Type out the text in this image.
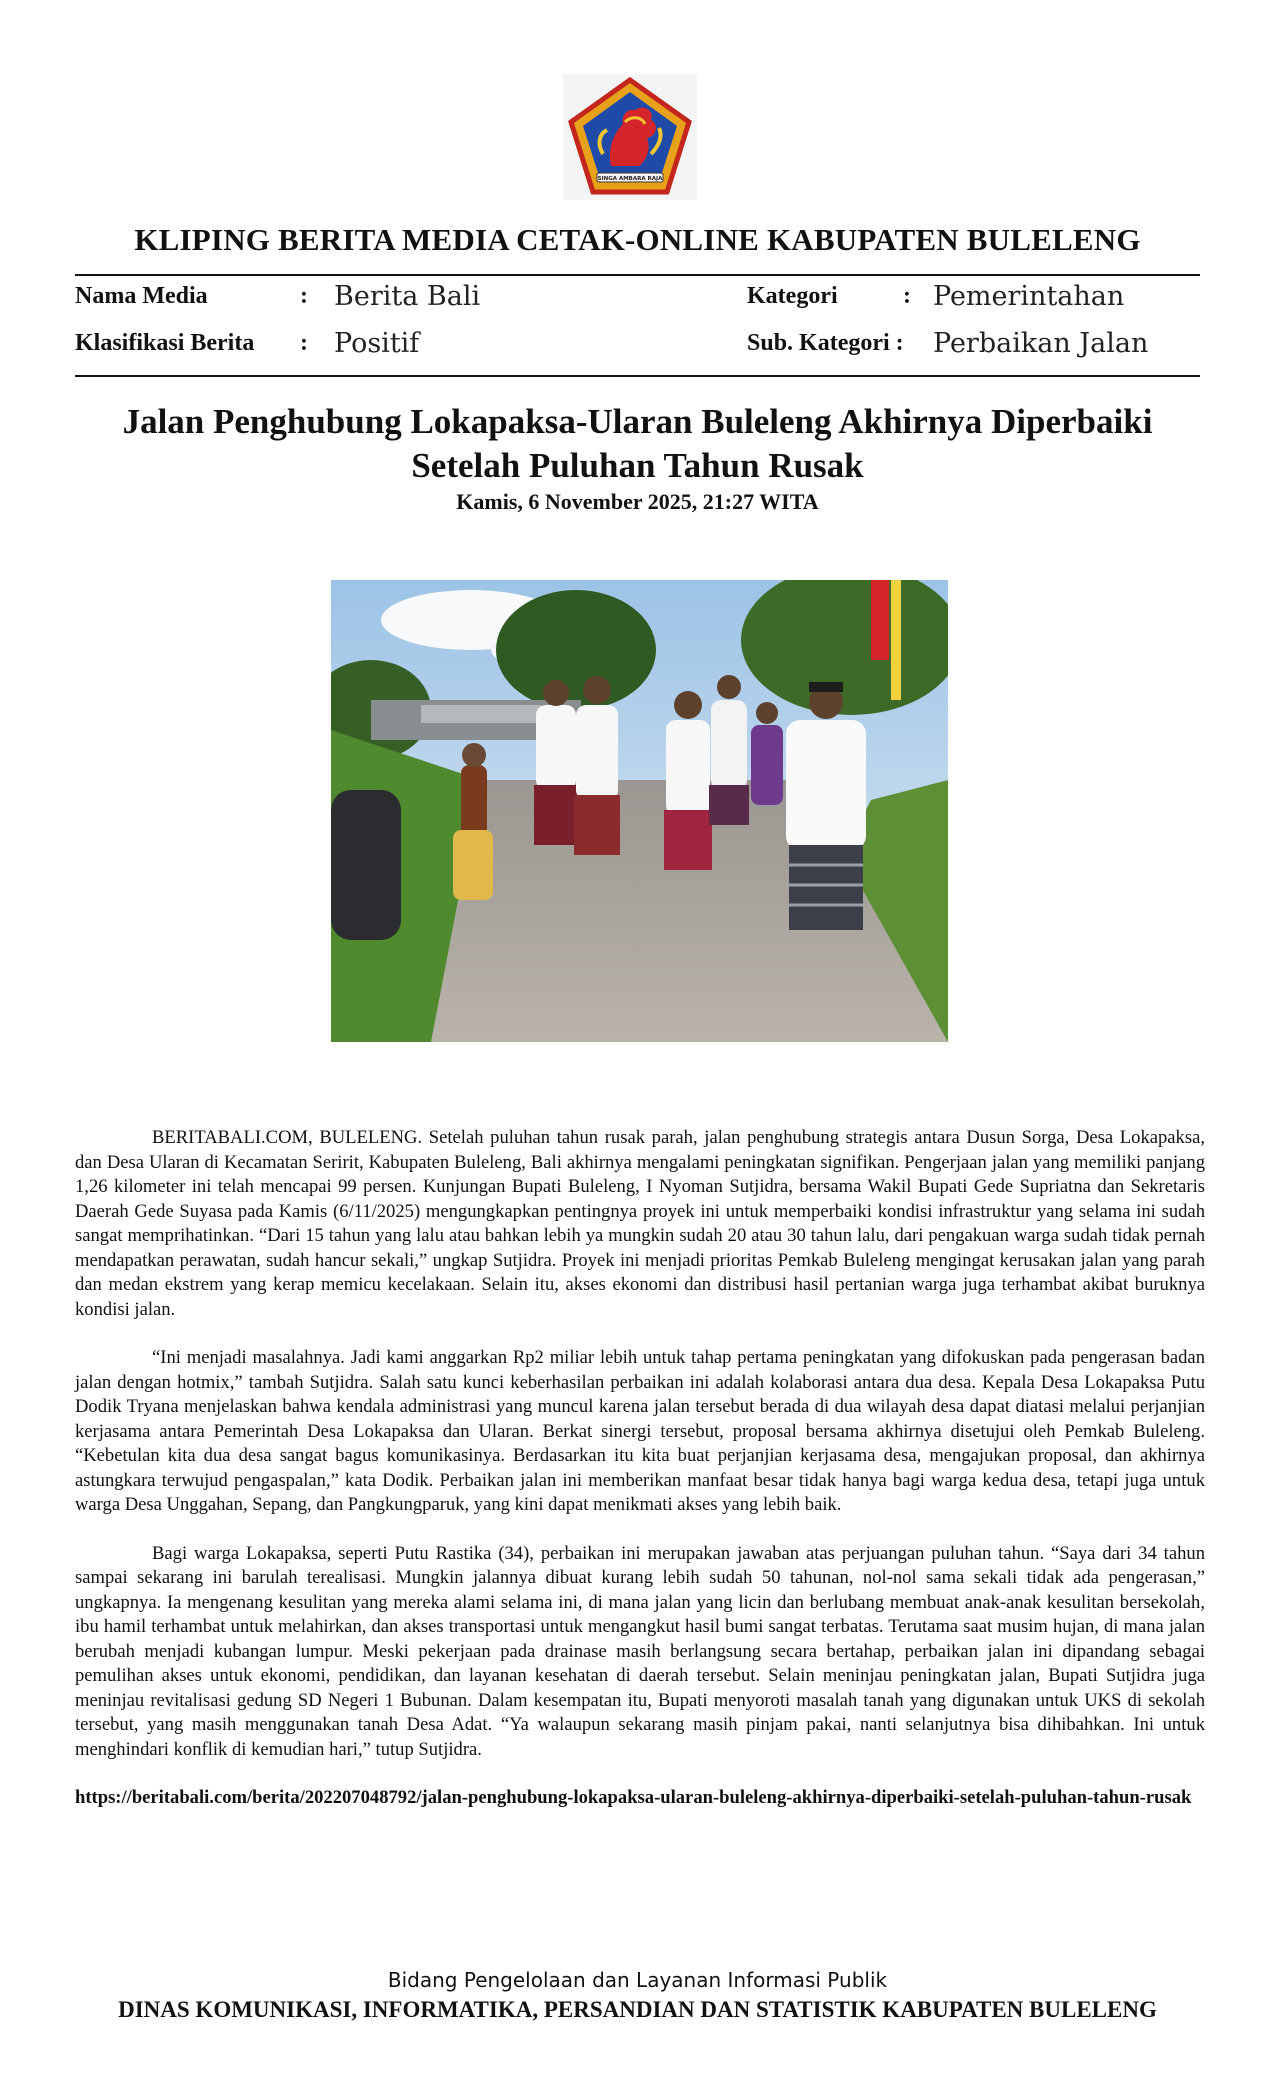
SINGA AMBARA RAJA
KLIPING BERITA MEDIA CETAK-ONLINE KABUPATEN BULELENG
Nama Media	: Berita Bali	Kategori	: Pemerintahan
Klasifikasi Berita : Positif	Sub. Kategori : Perbaikan Jalan
Jalan Penghubung Lokapaksa-Ularan Buleleng Akhirnya Diperbaiki
Setelah Puluhan Tahun Rusak
Kamis, 6 November 2025, 21:27 WITA

BERITABALI.COM, BULELENG. Setelah puluhan tahun rusak parah, jalan penghubung strategis antara Dusun Sorga, Desa Lokapaksa, dan Desa Ularan di Kecamatan Seririt, Kabupaten Buleleng, Bali akhirnya mengalami peningkatan signifikan. Pengerjaan jalan yang memiliki panjang 1,26 kilometer ini telah mencapai 99 persen. Kunjungan Bupati Buleleng, I Nyoman Sutjidra, bersama Wakil Bupati Gede Supriatna dan Sekretaris Daerah Gede Suyasa pada Kamis (6/11/2025) mengungkapkan pentingnya proyek ini untuk memperbaiki kondisi infrastruktur yang selama ini sudah sangat memprihatinkan. “Dari 15 tahun yang lalu atau bahkan lebih ya mungkin sudah 20 atau 30 tahun lalu, dari pengakuan warga sudah tidak pernah mendapatkan perawatan, sudah hancur sekali,” ungkap Sutjidra. Proyek ini menjadi prioritas Pemkab Buleleng mengingat kerusakan jalan yang parah dan medan ekstrem yang kerap memicu kecelakaan. Selain itu, akses ekonomi dan distribusi hasil pertanian warga juga terhambat akibat buruknya kondisi jalan.

“Ini menjadi masalahnya. Jadi kami anggarkan Rp2 miliar lebih untuk tahap pertama peningkatan yang difokuskan pada pengerasan badan jalan dengan hotmix,” tambah Sutjidra. Salah satu kunci keberhasilan perbaikan ini adalah kolaborasi antara dua desa. Kepala Desa Lokapaksa Putu Dodik Tryana menjelaskan bahwa kendala administrasi yang muncul karena jalan tersebut berada di dua wilayah desa dapat diatasi melalui perjanjian kerjasama antara Pemerintah Desa Lokapaksa dan Ularan. Berkat sinergi tersebut, proposal bersama akhirnya disetujui oleh Pemkab Buleleng. “Kebetulan kita dua desa sangat bagus komunikasinya. Berdasarkan itu kita buat perjanjian kerjasama desa, mengajukan proposal, dan akhirnya astungkara terwujud pengaspalan,” kata Dodik. Perbaikan jalan ini memberikan manfaat besar tidak hanya bagi warga kedua desa, tetapi juga untuk warga Desa Unggahan, Sepang, dan Pangkungparuk, yang kini dapat menikmati akses yang lebih baik.

Bagi warga Lokapaksa, seperti Putu Rastika (34), perbaikan ini merupakan jawaban atas perjuangan puluhan tahun. “Saya dari 34 tahun sampai sekarang ini barulah terealisasi. Mungkin jalannya dibuat kurang lebih sudah 50 tahunan, nol-nol sama sekali tidak ada pengerasan,” ungkapnya. Ia mengenang kesulitan yang mereka alami selama ini, di mana jalan yang licin dan berlubang membuat anak-anak kesulitan bersekolah, ibu hamil terhambat untuk melahirkan, dan akses transportasi untuk mengangkut hasil bumi sangat terbatas. Terutama saat musim hujan, di mana jalan berubah menjadi kubangan lumpur. Meski pekerjaan pada drainase masih berlangsung secara bertahap, perbaikan jalan ini dipandang sebagai pemulihan akses untuk ekonomi, pendidikan, dan layanan kesehatan di daerah tersebut. Selain meninjau peningkatan jalan, Bupati Sutjidra juga meninjau revitalisasi gedung SD Negeri 1 Bubunan. Dalam kesempatan itu, Bupati menyoroti masalah tanah yang digunakan untuk UKS di sekolah tersebut, yang masih menggunakan tanah Desa Adat. “Ya walaupun sekarang masih pinjam pakai, nanti selanjutnya bisa dihibahkan. Ini untuk menghindari konflik di kemudian hari,” tutup Sutjidra.

https://beritabali.com/berita/202207048792/jalan-penghubung-lokapaksa-ularan-buleleng-akhirnya-diperbaiki-setelah-puluhan-tahun-rusak

Bidang Pengelolaan dan Layanan Informasi Publik
DINAS KOMUNIKASI, INFORMATIKA, PERSANDIAN DAN STATISTIK KABUPATEN BULELENG
